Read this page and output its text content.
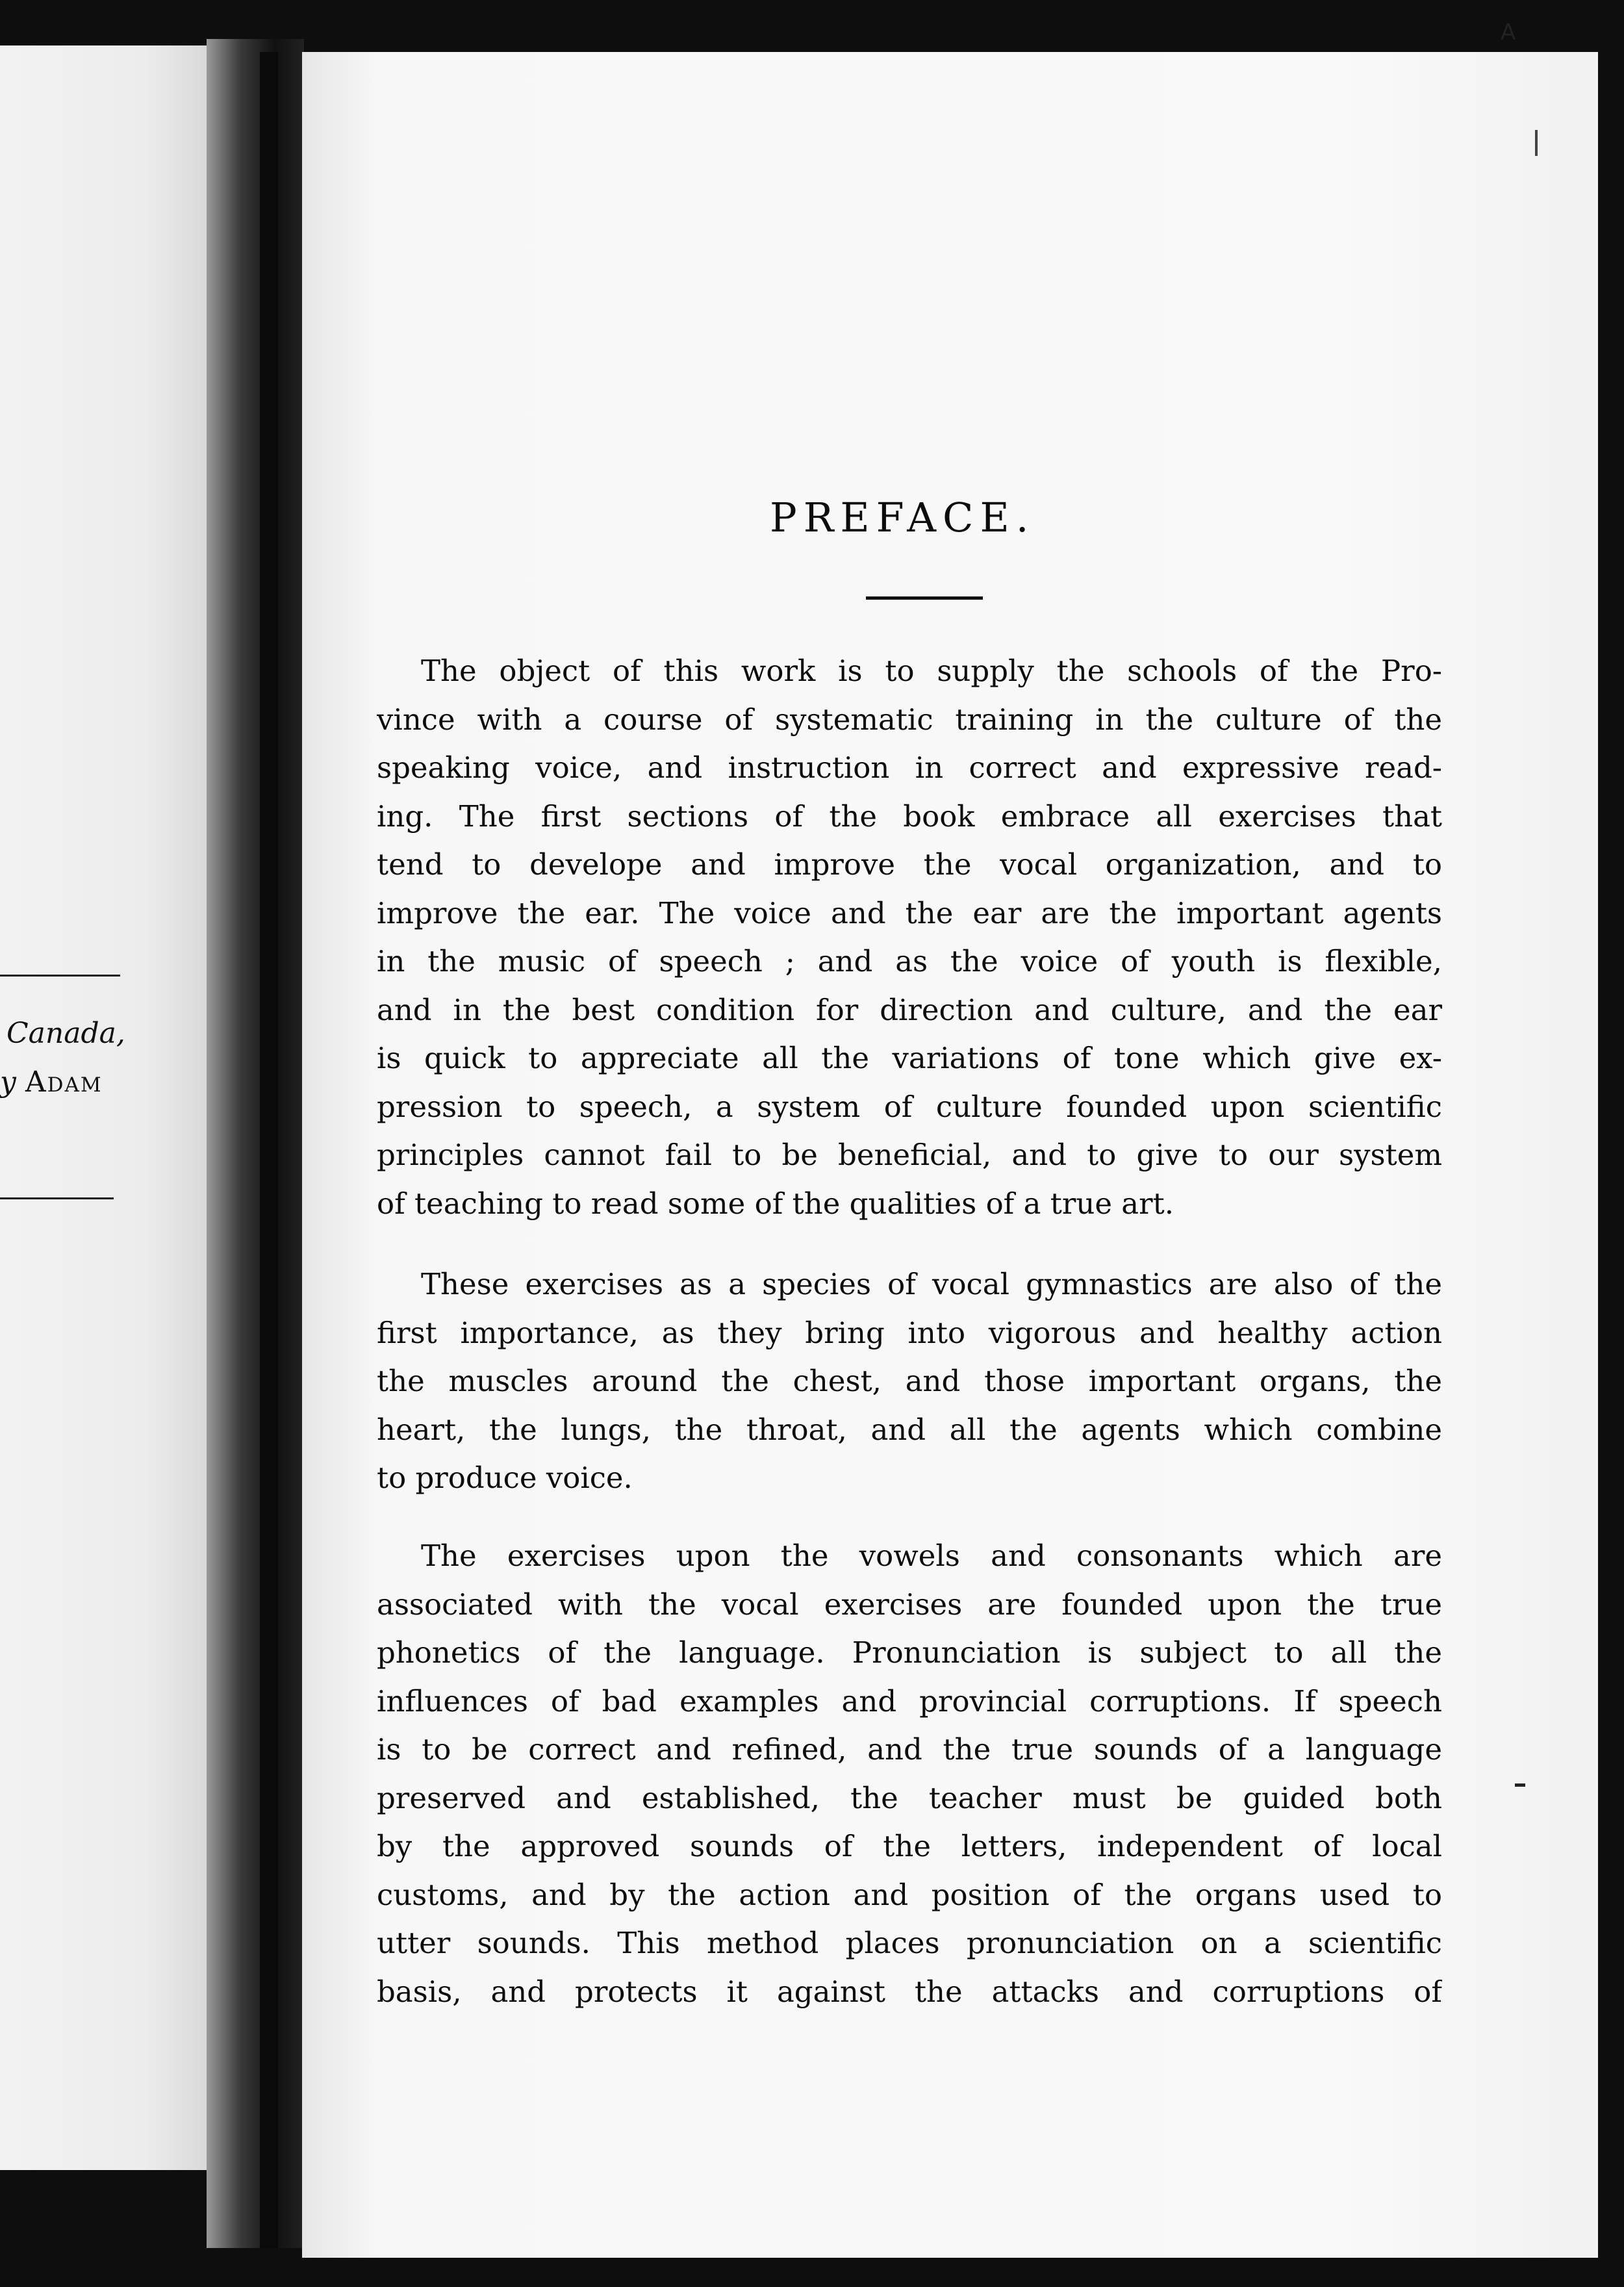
Canada,
y Adam
A
PREFACE.
The object of this work is to supply the schools of the Pro-
vince with a course of systematic training in the culture of the
speaking voice, and instruction in correct and expressive read-
ing. The first sections of the book embrace all exercises that
tend to develope and improve the vocal organization, and to
improve the ear. The voice and the ear are the important agents
in the music of speech ; and as the voice of youth is flexible,
and in the best condition for direction and culture, and the ear
is quick to appreciate all the variations of tone which give ex-
pression to speech, a system of culture founded upon scientific
principles cannot fail to be beneficial, and to give to our system
of teaching to read some of the qualities of a true art.
These exercises as a species of vocal gymnastics are also of the
first importance, as they bring into vigorous and healthy action
the muscles around the chest, and those important organs, the
heart, the lungs, the throat, and all the agents which combine
to produce voice.
The exercises upon the vowels and consonants which are
associated with the vocal exercises are founded upon the true
phonetics of the language. Pronunciation is subject to all the
influences of bad examples and provincial corruptions. If speech
is to be correct and refined, and the true sounds of a language
preserved and established, the teacher must be guided both
by the approved sounds of the letters, independent of local
customs, and by the action and position of the organs used to
utter sounds. This method places pronunciation on a scientific
basis, and protects it against the attacks and corruptions of
